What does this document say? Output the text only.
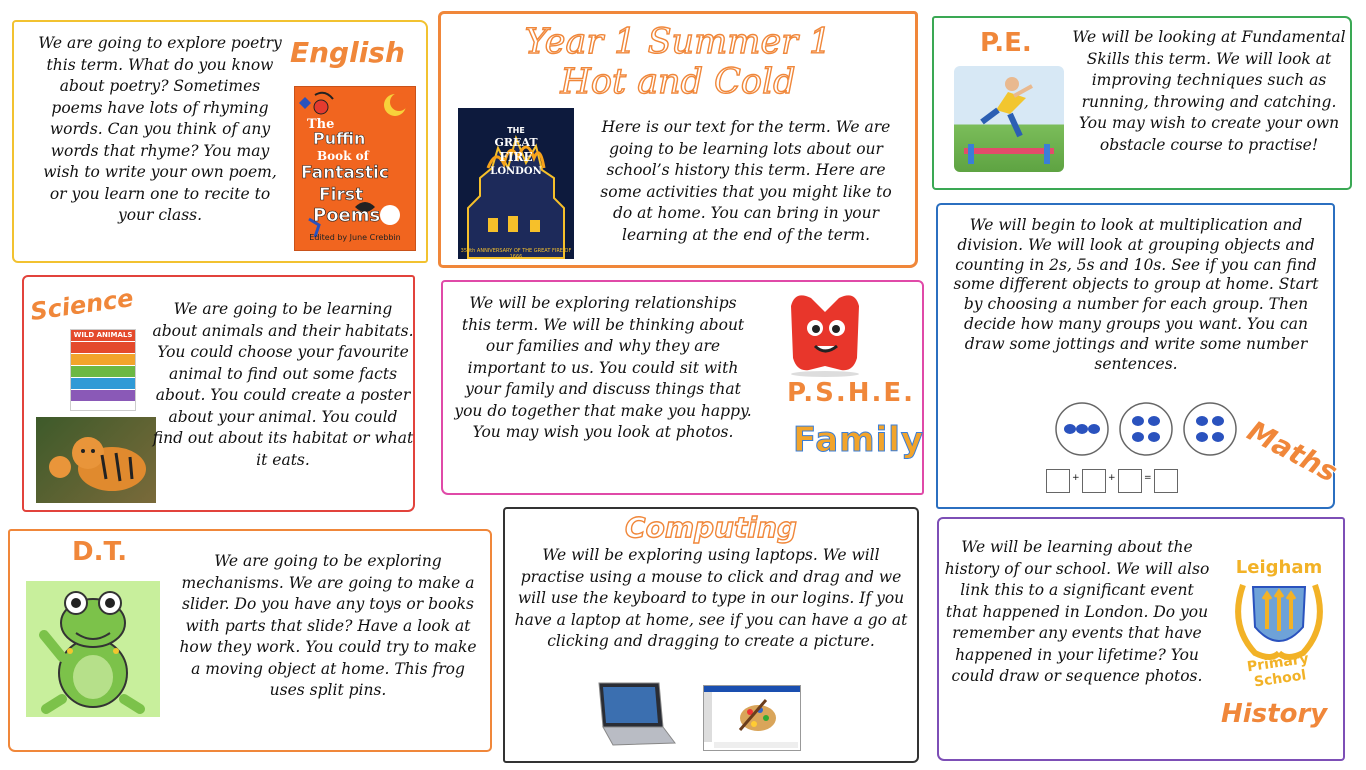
We are going to explore poetry this term. What do you know about poetry? Sometimes poems have lots of rhyming words. Can you think of any words that rhyme? You may wish to write your own poem, or you learn one to recite to your class.
English
The
Puffin
Book of
Fantastic
First
Poems
Edited by June Crebbin
Year 1 Summer 1
Hot and Cold
THE
GREAT
FIRE
LONDON
350th ANNIVERSARY OF THE GREAT FIRE OF 1666
Here is our text for the term. We are going to be learning lots about our school’s history this term. Here are some activities that you might like to do at home. You can bring in your learning at the end of the term.
P.E.	We will be looking at Fundamental Skills this term. We will look at improving techniques such as running, throwing and catching. You may wish to create your own obstacle course to practise!
Science
WILD ANIMALS
We are going to be learning about animals and their habitats. You could choose your favourite animal to find out some facts about. You could create a poster about your animal. You could find out about its habitat or what it eats.
We will be exploring relationships this term. We will be thinking about our families and why they are important to us. You could sit with your family and discuss things that you do together that make you happy. You may wish you look at photos.
P.S.H.E.
Family
We will begin to look at multiplication and division. We will look at grouping objects and counting in 2s, 5s and 10s. See if you can find some different objects to group at home. Start by choosing a number for each group. Then decide how many groups you want. You can draw some jottings and write some number sentences.
+	+	=	Maths
D.T.	We are going to be exploring mechanisms. We are going to make a slider. Do you have any toys or books with parts that slide? Have a look at how they work. You could try to make a moving object at home. This frog uses split pins.
Computing
We will be exploring using laptops. We will practise using a mouse to click and drag and we will use the keyboard to type in our logins. If you have a laptop at home, see if you can have a go at clicking and dragging to create a picture.
We will be learning about the history of our school. We will also link this to a significant event that happened in London. Do you remember any events that have happened in your lifetime? You could draw or sequence photos.
Leigham
Primary School
History
